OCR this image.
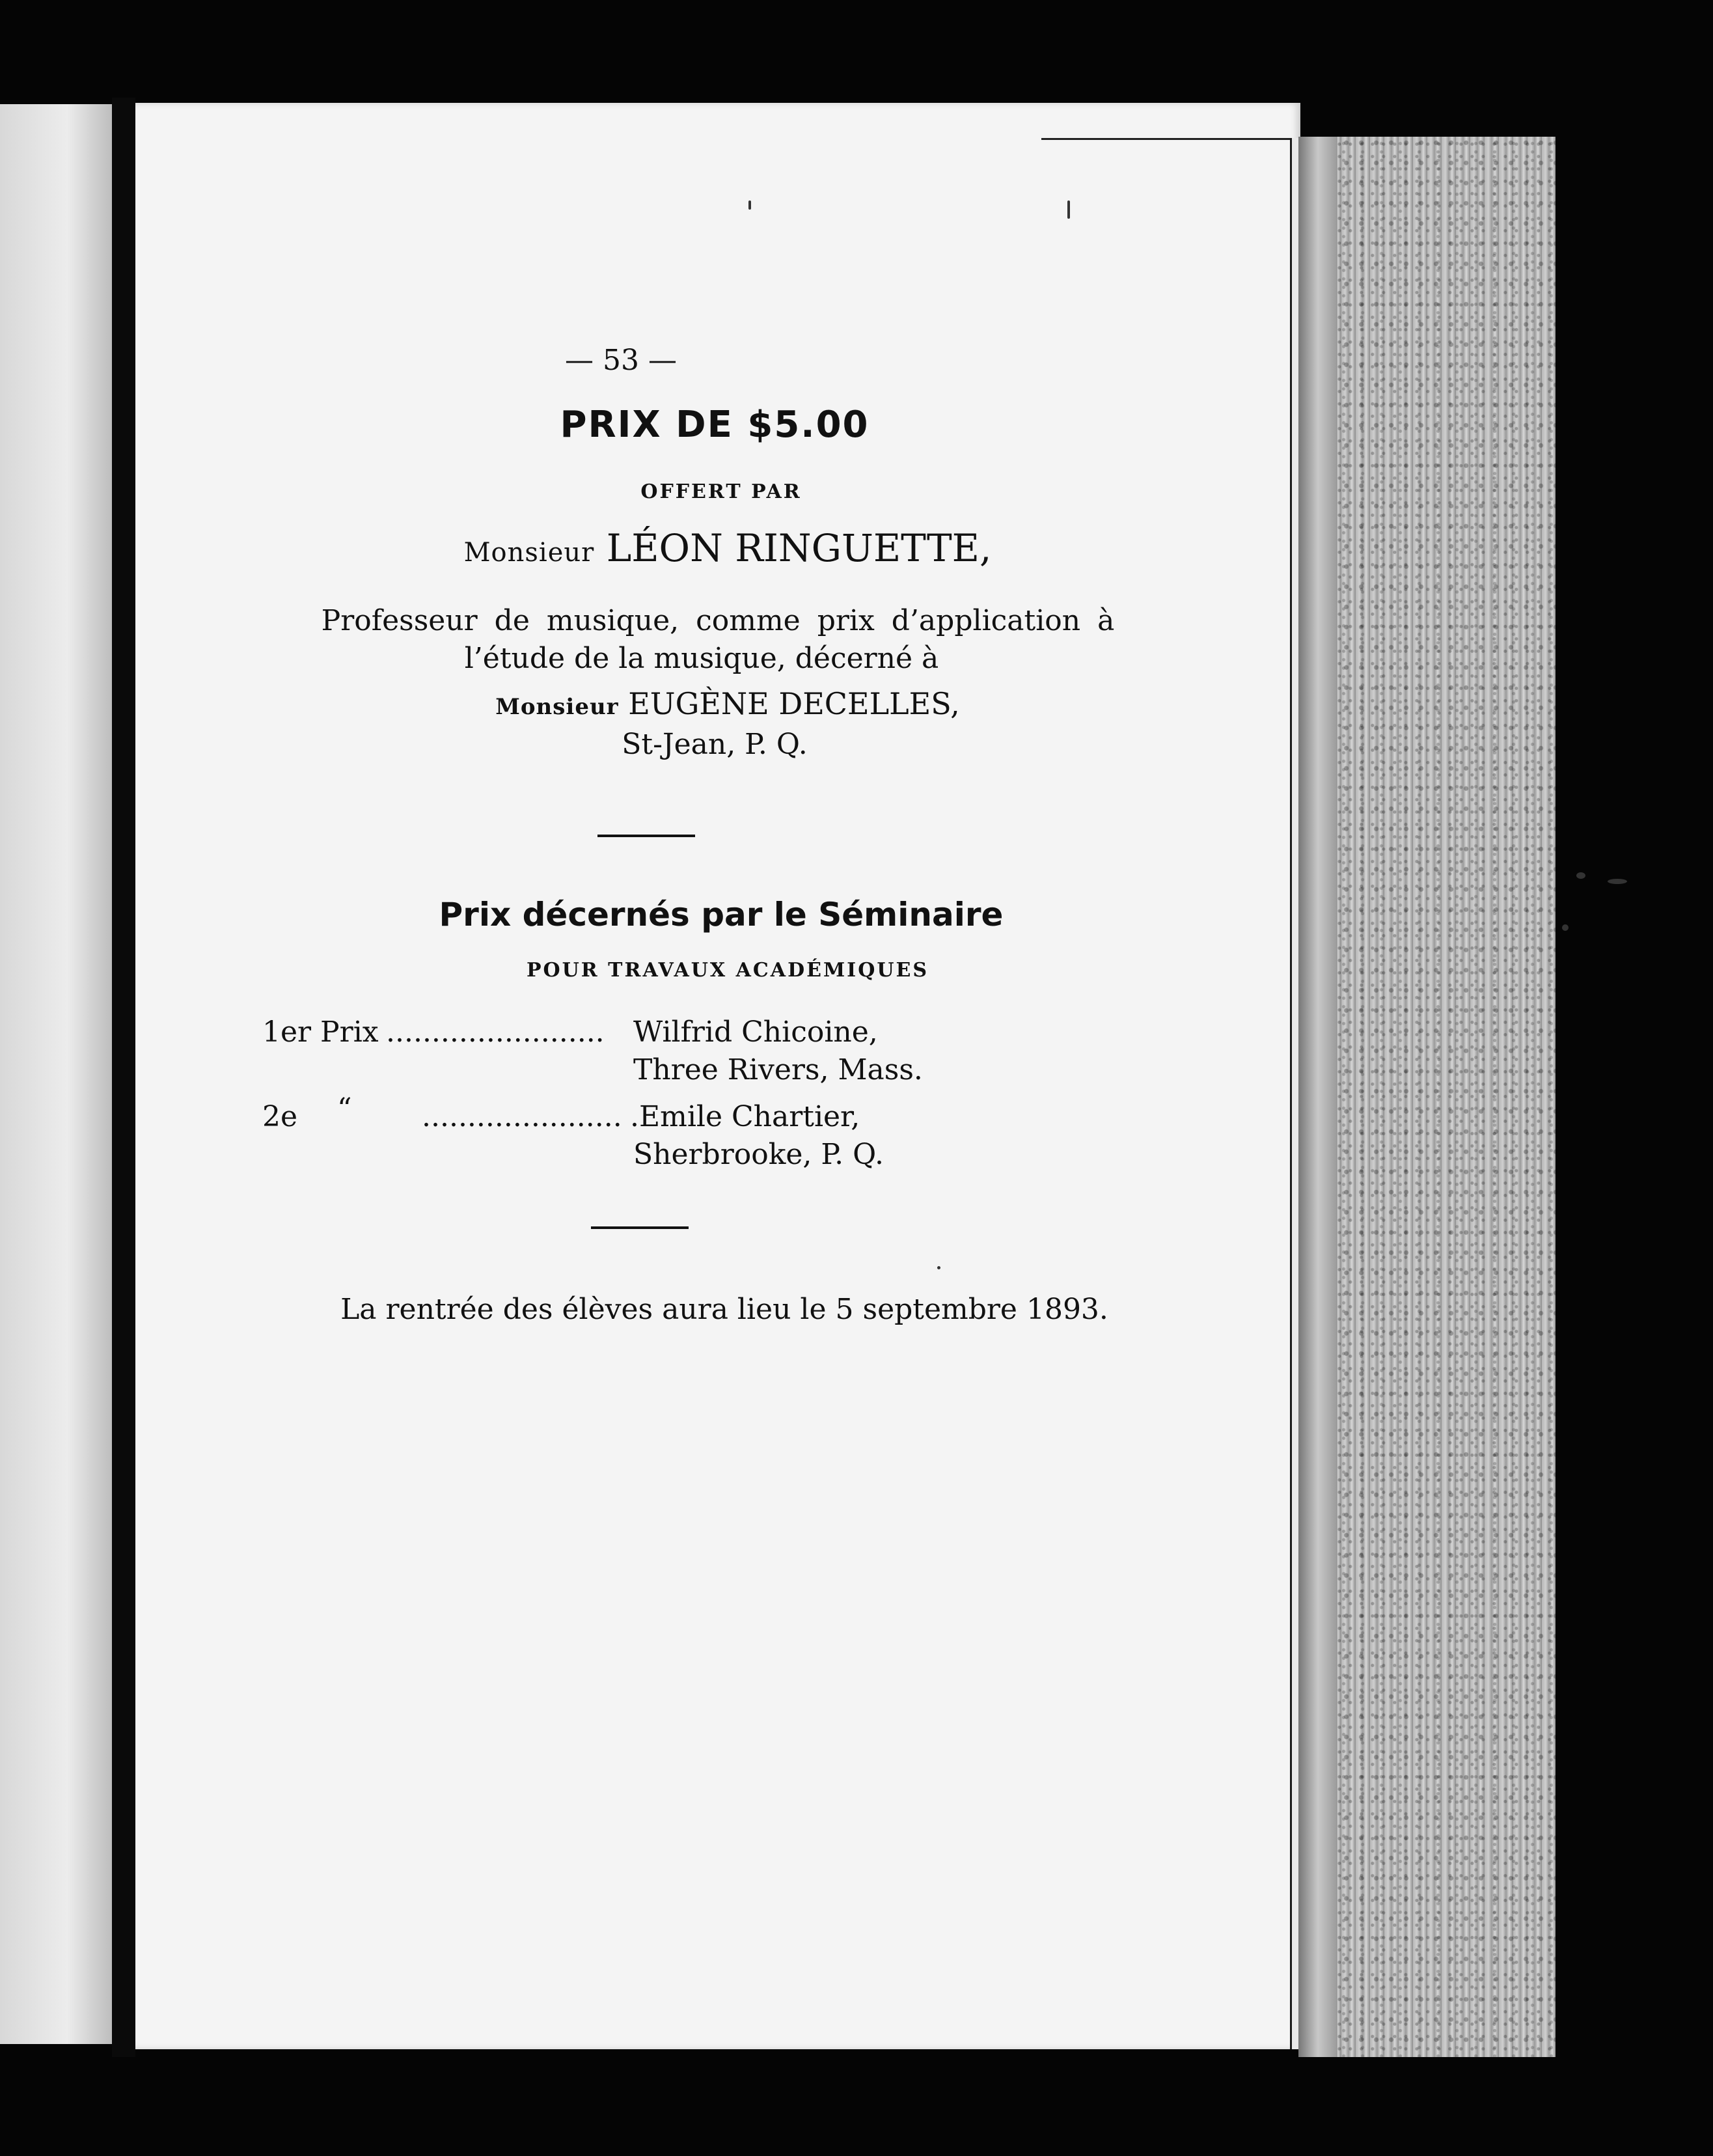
— 53 —
PRIX DE $5.00
OFFERT PAR
Monsieur LÉON RINGUETTE,
Professeur de musique, comme prix d’application à
l’étude de la musique, décerné à
Monsieur EUGÈNE DECELLES,
St-Jean, P. Q.
Prix décernés par le Séminaire
POUR TRAVAUX ACADÉMIQUES
1er Prix ........................ Wilfrid Chicoine,
Three Rivers, Mass.
2e “ ...................... .Emile Chartier,
Sherbrooke, P. Q.
La rentrée des élèves aura lieu le 5 septembre 1893.
